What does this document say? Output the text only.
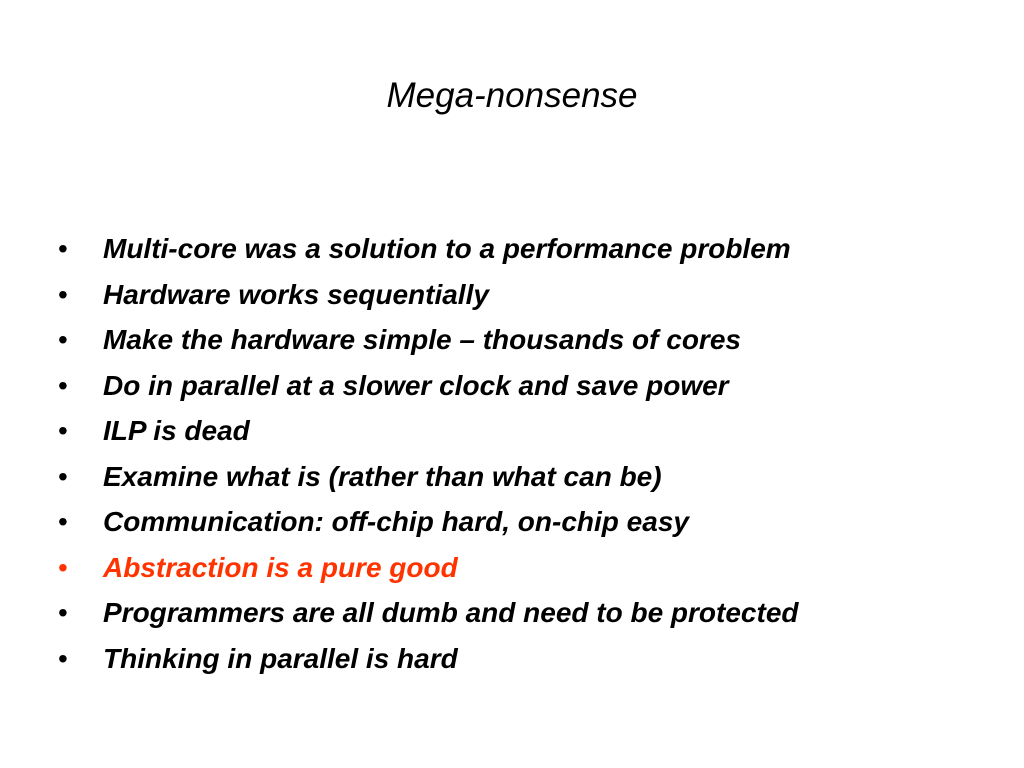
Mega-nonsense
•	Multi-core was a solution to a performance problem
•	Hardware works sequentially
•	Make the hardware simple – thousands of cores
•	Do in parallel at a slower clock and save power
•	ILP is dead
•	Examine what is (rather than what can be)
•	Communication: off-chip hard, on-chip easy
•	Abstraction is a pure good
•	Programmers are all dumb and need to be protected
•	Thinking in parallel is hard
